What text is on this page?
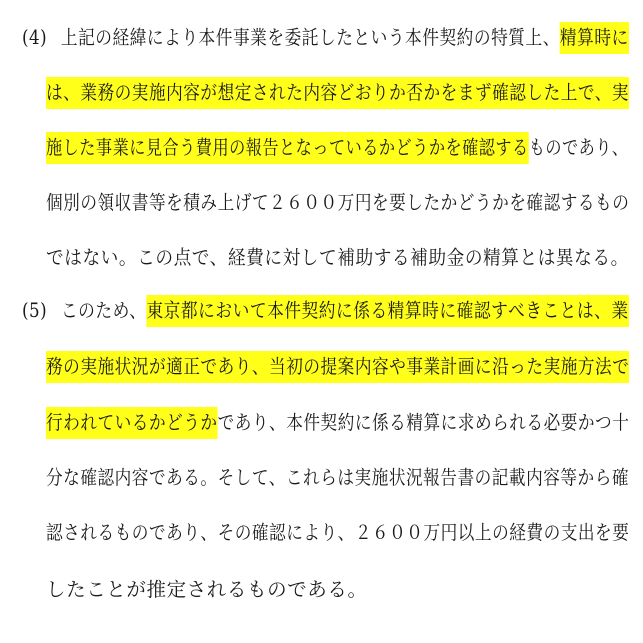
(4) 上記の経緯により本件事業を委託したという本件契約の特質上、精算時に
は、業務の実施内容が想定された内容どおりか否かをまず確認した上で、実
施した事業に見合う費用の報告となっているかどうかを確認するものであり、
個別の領収書等を積み上げて２６００万円を要したかどうかを確認するもの
ではない。この点で、経費に対して補助する補助金の精算とは異なる。
(5) このため、東京都において本件契約に係る精算時に確認すべきことは、業
務の実施状況が適正であり、当初の提案内容や事業計画に沿った実施方法で
行われているかどうかであり、本件契約に係る精算に求められる必要かつ十
分な確認内容である。そして、これらは実施状況報告書の記載内容等から確
認されるものであり、その確認により、２６００万円以上の経費の支出を要
したことが推定されるものである。
